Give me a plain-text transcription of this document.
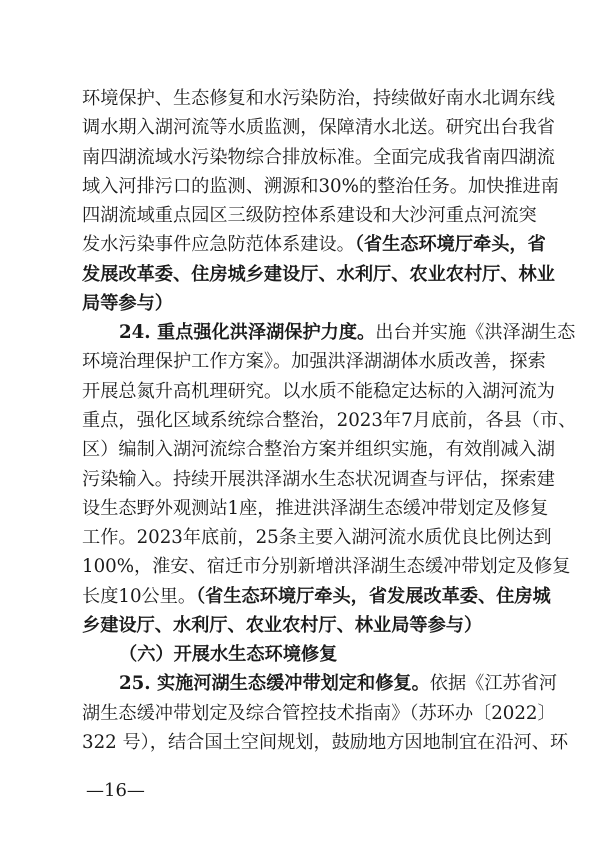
环境保护、生态修复和水污染防治，持续做好南水北调东线
调水期入湖河流等水质监测，保障清水北送。研究出台我省
南四湖流域水污染物综合排放标准。全面完成我省南四湖流
域入河排污口的监测、溯源和30%的整治任务。加快推进南
四湖流域重点园区三级防控体系建设和大沙河重点河流突
发水污染事件应急防范体系建设。（省生态环境厅牵头，省
发展改革委、住房城乡建设厅、水利厅、农业农村厅、林业
局等参与）
24. 重点强化洪泽湖保护力度。出台并实施《洪泽湖生态
环境治理保护工作方案》。加强洪泽湖湖体水质改善，探索
开展总氮升高机理研究。以水质不能稳定达标的入湖河流为
重点，强化区域系统综合整治，2023年7月底前，各县（市、
区）编制入湖河流综合整治方案并组织实施，有效削减入湖
污染输入。持续开展洪泽湖水生态状况调查与评估，探索建
设生态野外观测站1座，推进洪泽湖生态缓冲带划定及修复
工作。2023年底前，25条主要入湖河流水质优良比例达到
100%，淮安、宿迁市分别新增洪泽湖生态缓冲带划定及修复
长度10公里。（省生态环境厅牵头，省发展改革委、住房城
乡建设厅、水利厅、农业农村厅、林业局等参与）
（六）开展水生态环境修复
25. 实施河湖生态缓冲带划定和修复。依据《江苏省河
湖生态缓冲带划定及综合管控技术指南》（苏环办〔2022〕
322 号），结合国土空间规划，鼓励地方因地制宜在沿河、环
—16—
